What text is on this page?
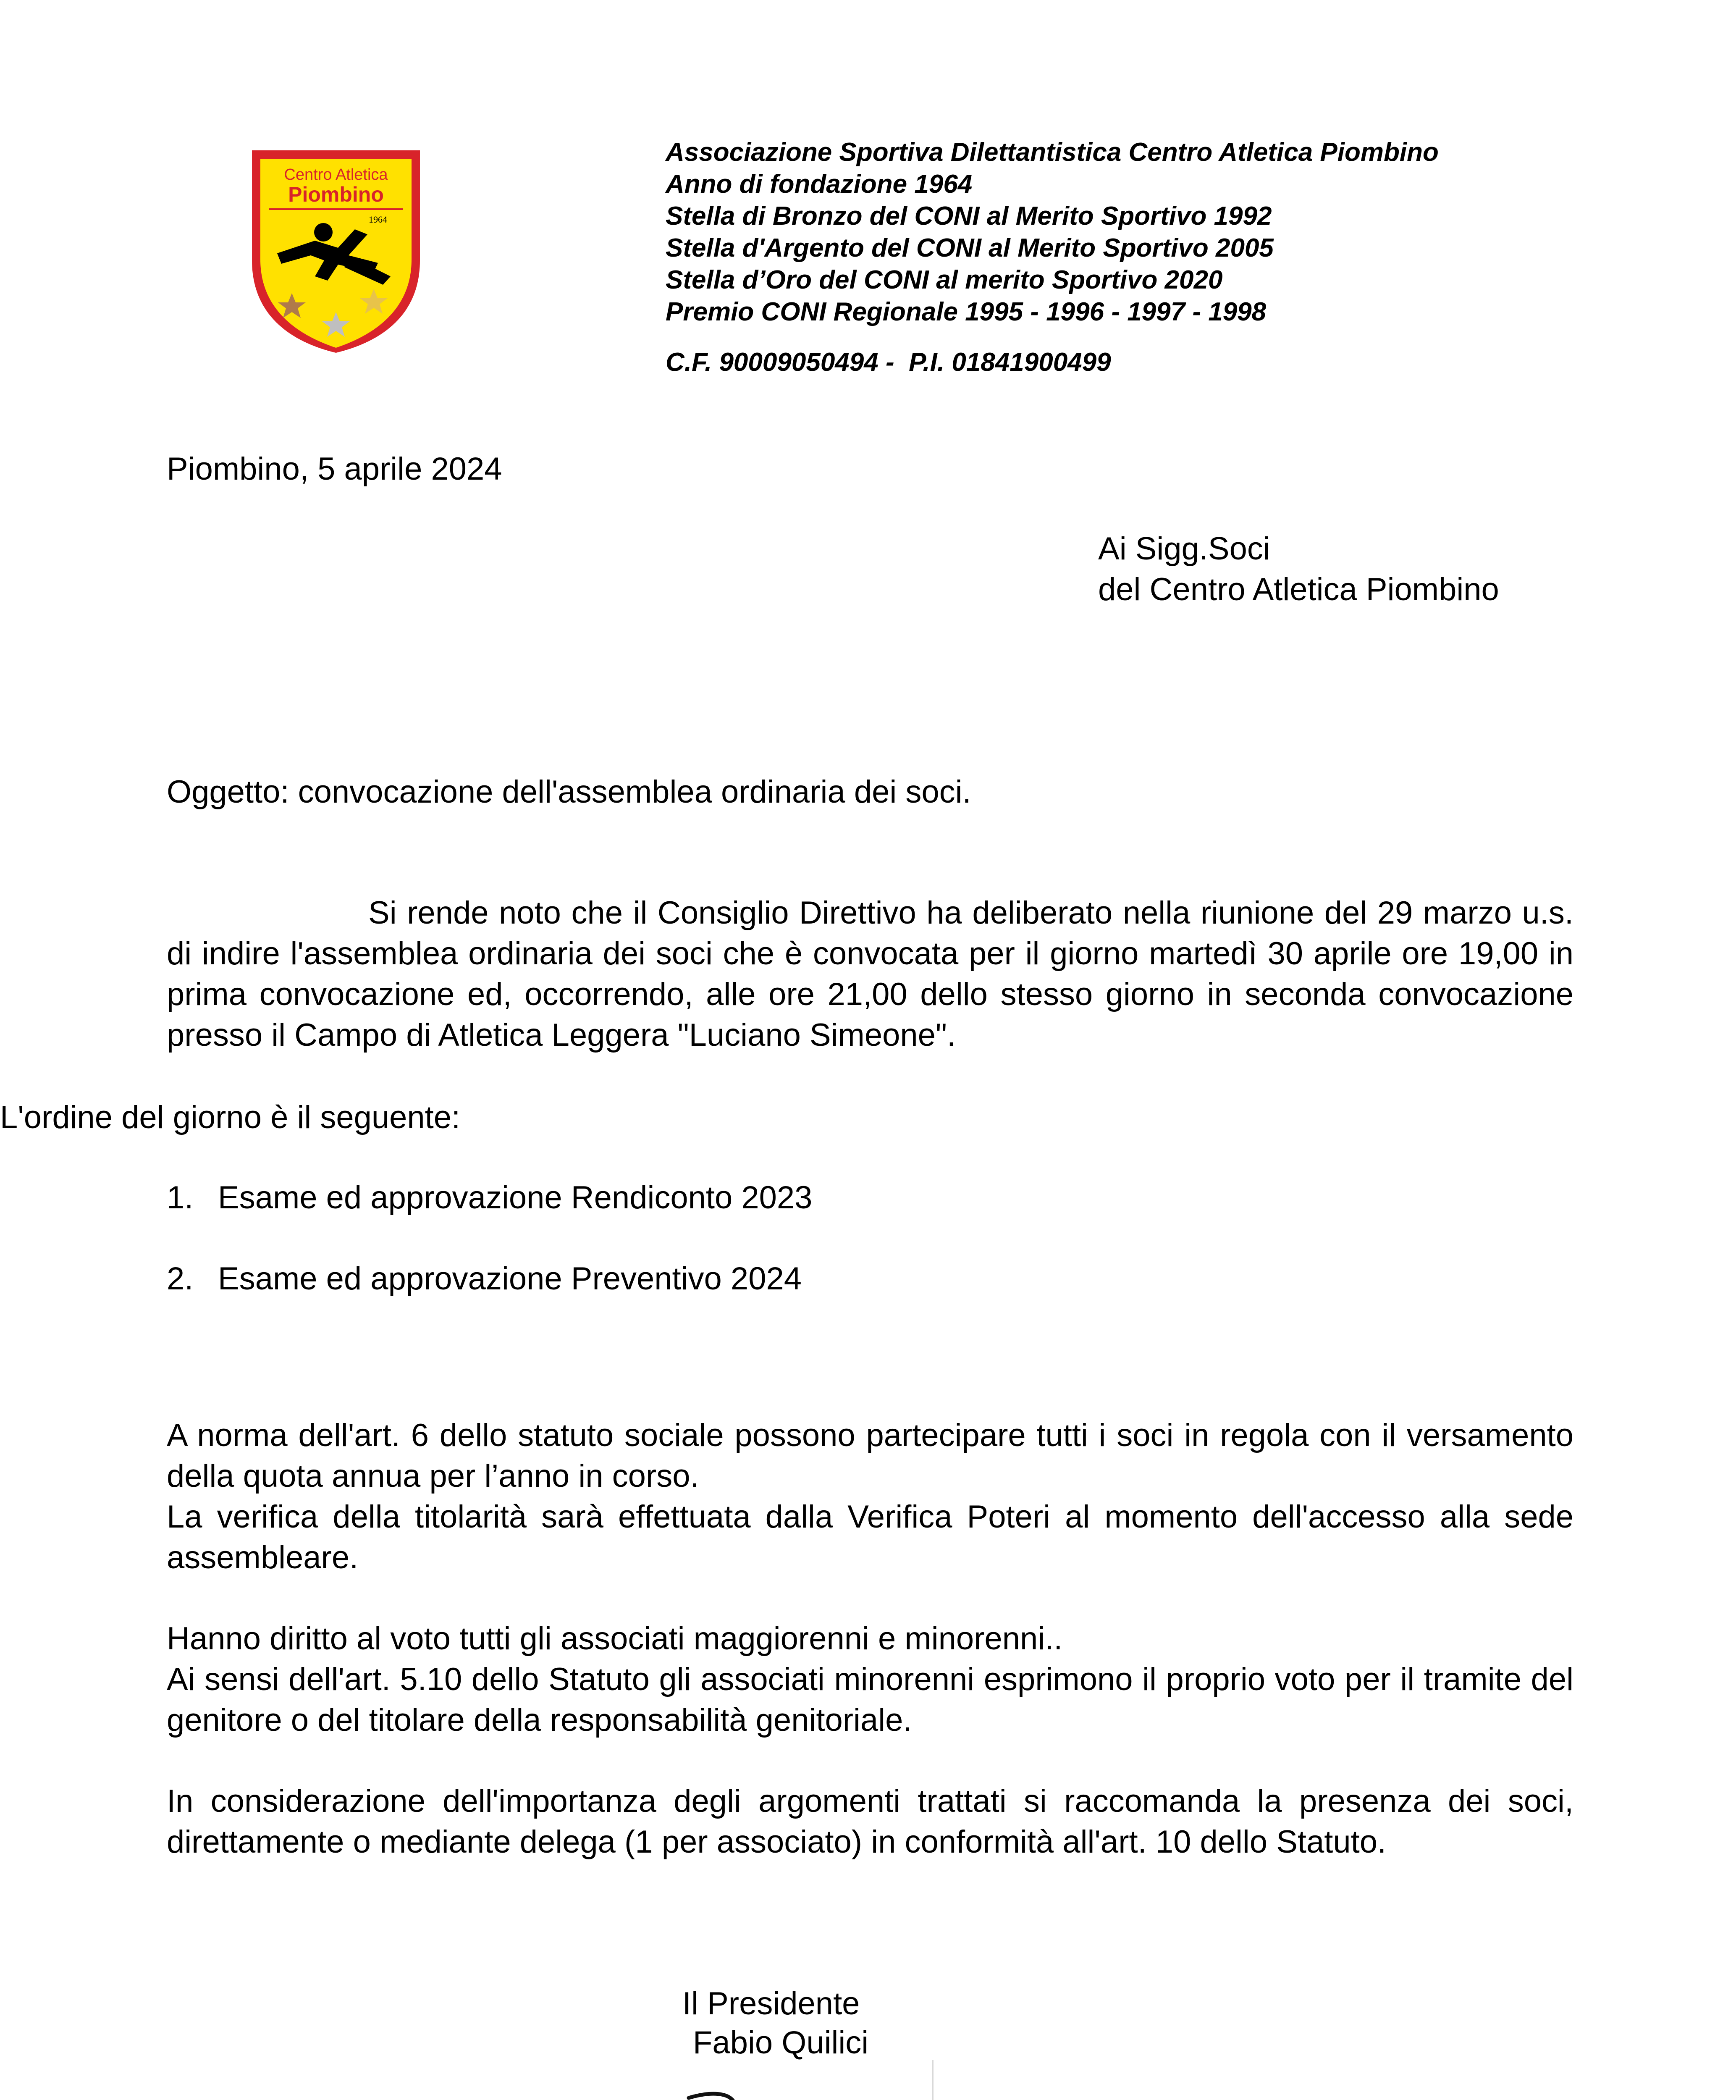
Centro Atletica
Piombino
1964
Associazione Sportiva Dilettantistica Centro Atletica Piombino
Anno di fondazione 1964
Stella di Bronzo del CONI al Merito Sportivo 1992
Stella d'Argento del CONI al Merito Sportivo 2005
Stella d’Oro del CONI al merito Sportivo 2020
Premio CONI Regionale 1995 - 1996 - 1997 - 1998
C.F. 90009050494 -  P.I. 01841900499
Piombino, 5 aprile 2024
Ai Sigg.Soci
del Centro Atletica Piombino
Oggetto: convocazione dell'assemblea ordinaria dei soci.
Si rende noto che il Consiglio Direttivo ha deliberato nella riunione del 29 marzo u.s. di indire l'assemblea ordinaria dei soci che è convocata per il giorno martedì 30 aprile ore 19,00 in prima convocazione ed, occorrendo, alle ore 21,00 dello stesso giorno in seconda convocazione presso il Campo di Atletica Leggera "Luciano Simeone".
L'ordine del giorno è il seguente:
1. Esame ed approvazione Rendiconto 2023
2. Esame ed approvazione Preventivo 2024
A norma dell'art. 6 dello statuto sociale possono partecipare tutti i soci in regola con il versamento della quota annua per l’anno in corso.
La verifica della titolarità sarà effettuata dalla Verifica Poteri al momento dell'accesso alla sede assembleare.
Hanno diritto al voto tutti gli associati maggiorenni e minorenni..
Ai sensi dell'art. 5.10 dello Statuto gli associati minorenni esprimono il proprio voto per il tramite del genitore o del titolare della responsabilità genitoriale.
In considerazione dell'importanza degli argomenti trattati si raccomanda la presenza dei soci, direttamente o mediante delega (1 per associato) in conformità all'art. 10 dello Statuto.
Il Presidente
Fabio Quilici
